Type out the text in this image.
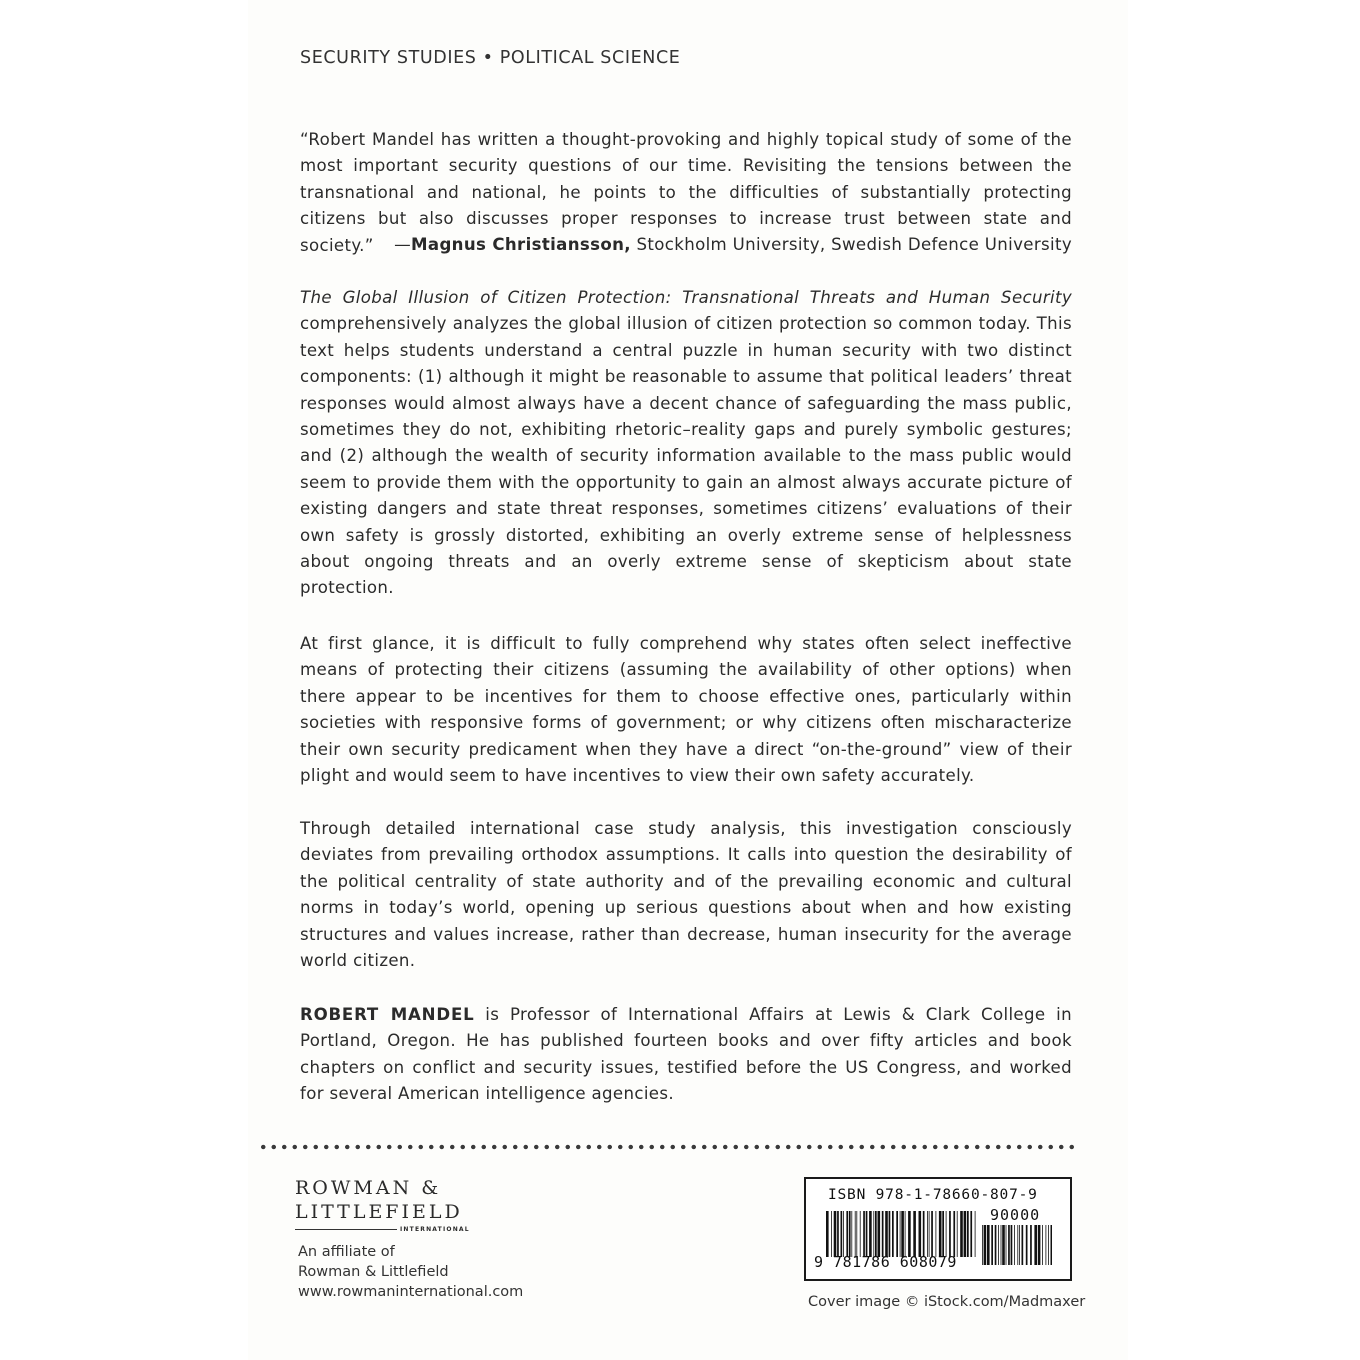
SECURITY STUDIES • POLITICAL SCIENCE
“Robert Mandel has written a thought-provoking and highly topical study of some of the most important security questions of our time. Revisiting the tensions between the transnational and national, he points to the difficulties of substantially protecting citizens but also discusses proper responses to increase trust between state and society.”	—Magnus Christiansson, Stockholm University, Swedish Defence University
The Global Illusion of Citizen Protection: Transnational Threats and Human Security comprehensively analyzes the global illusion of citizen protection so common today. This text helps students understand a central puzzle in human security with two distinct components: (1) although it might be reasonable to assume that political leaders’ threat responses would almost always have a decent chance of safeguarding the mass public, sometimes they do not, exhibiting rhetoric–reality gaps and purely symbolic gestures; and (2) although the wealth of security information available to the mass public would seem to provide them with the opportunity to gain an almost always accurate picture of existing dangers and state threat responses, sometimes citizens’ evaluations of their own safety is grossly distorted, exhibiting an overly extreme sense of helplessness about ongoing threats and an overly extreme sense of skepticism about state protection.
At first glance, it is difficult to fully comprehend why states often select ineffective means of protecting their citizens (assuming the availability of other options) when there appear to be incentives for them to choose effective ones, particularly within societies with responsive forms of government; or why citizens often mischaracterize their own security predicament when they have a direct “on-the-ground” view of their plight and would seem to have incentives to view their own safety accurately.
Through detailed international case study analysis, this investigation consciously deviates from prevailing orthodox assumptions. It calls into question the desirability of the political centrality of state authority and of the prevailing economic and cultural norms in today’s world, opening up serious questions about when and how existing structures and values increase, rather than decrease, human insecurity for the average world citizen.
ROBERT MANDEL is Professor of International Affairs at Lewis & Clark College in Portland, Oregon. He has published fourteen books and over fifty articles and book chapters on conflict and security issues, testified before the US Congress, and worked for several American intelligence agencies.
ROWMAN &
LITTLEFIELD
INTERNATIONAL
An affiliate of
Rowman & Littlefield
www.rowmaninternational.com
ISBN 978-1-78660-807-9
90000
9 781786 608079
Cover image © iStock.com/Madmaxer
